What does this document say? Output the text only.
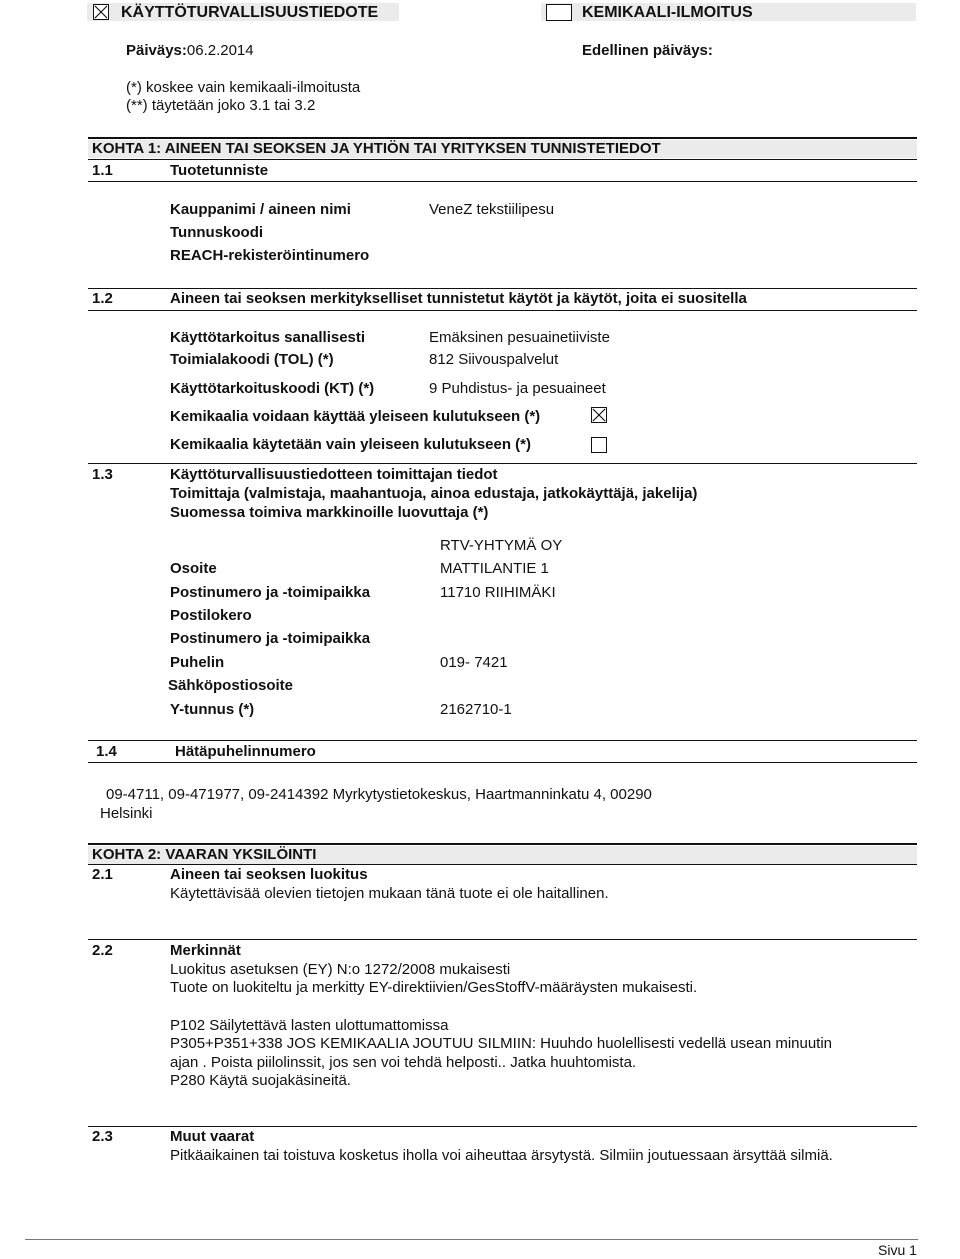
KÄYTTÖTURVALLISUUSTIEDOTE	KEMIKAALI-ILMOITUS
Päiväys:06.2.2014	Edellinen päiväys:
(*) koskee vain kemikaali-ilmoitusta
(**) täytetään joko 3.1 tai 3.2
KOHTA 1: AINEEN TAI SEOKSEN JA YHTIÖN TAI YRITYKSEN TUNNISTETIEDOT
1.1	Tuotetunniste
Kauppanimi / aineen nimi	VeneZ tekstiilipesu
Tunnuskoodi
REACH-rekisteröintinumero
1.2	Aineen tai seoksen merkitykselliset tunnistetut käytöt ja käytöt, joita ei suositella
Käyttötarkoitus sanallisesti	Emäksinen pesuainetiiviste
Toimialakoodi (TOL) (*)	812 Siivouspalvelut
Käyttötarkoituskoodi (KT) (*)	9 Puhdistus- ja pesuaineet
Kemikaalia voidaan käyttää yleiseen kulutukseen (*)
Kemikaalia käytetään vain yleiseen kulutukseen (*)
1.3	Käyttöturvallisuustiedotteen toimittajan tiedot
Toimittaja (valmistaja, maahantuoja, ainoa edustaja, jatkokäyttäjä, jakelija)
Suomessa toimiva markkinoille luovuttaja (*)
RTV-YHTYMÄ OY
Osoite	MATTILANTIE 1
Postinumero ja -toimipaikka	11710 RIIHIMÄKI
Postilokero
Postinumero ja -toimipaikka
Puhelin	019- 7421
Sähköpostiosoite
Y-tunnus (*)	2162710-1
1.4	Hätäpuhelinnumero
09-4711, 09-471977, 09-2414392 Myrkytystietokeskus, Haartmanninkatu 4, 00290
Helsinki
KOHTA 2: VAARAN YKSILÖINTI
2.1	Aineen tai seoksen luokitus
Käytettävisää olevien tietojen mukaan tänä tuote ei ole haitallinen.
2.2	Merkinnät
Luokitus asetuksen (EY) N:o 1272/2008 mukaisesti
Tuote on luokiteltu ja merkitty EY-direktiivien/GesStoffV-määräysten mukaisesti.
P102 Säilytettävä lasten ulottumattomissa
P305+P351+338 JOS KEMIKAALIA JOUTUU SILMIIN: Huuhdo huolellisesti vedellä usean minuutin
ajan . Poista piilolinssit, jos sen voi tehdä helposti.. Jatka huuhtomista.
P280 Käytä suojakäsineitä.
2.3	Muut vaarat
Pitkäaikainen tai toistuva kosketus iholla voi aiheuttaa ärsytystä. Silmiin joutuessaan ärsyttää silmiä.
Sivu 1
